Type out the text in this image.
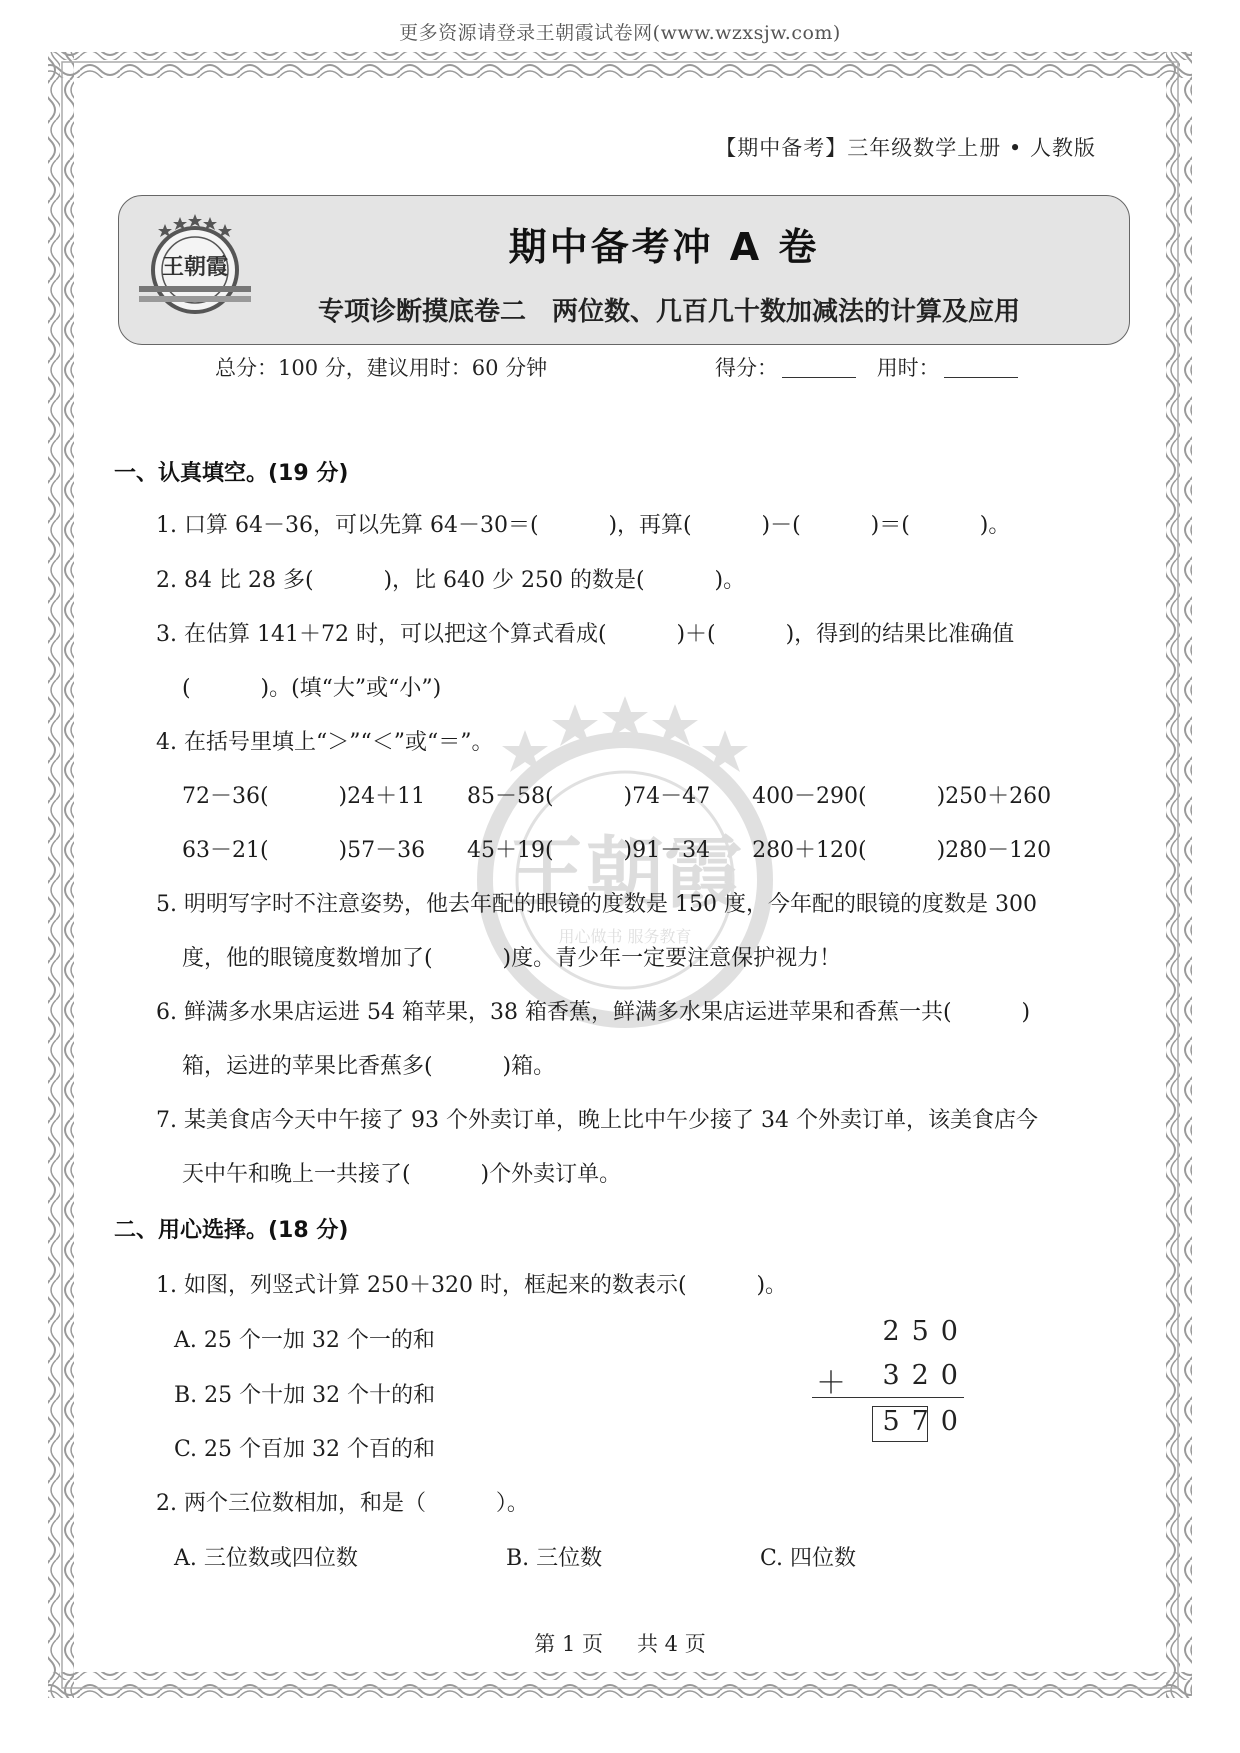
更多资源请登录王朝霞试卷网(www.wzxsjw.com)
【期中备考】三年级数学上册 • 人教版
王朝霞	期中备考冲 A 卷
专项诊断摸底卷二 两位数、几百几十数加减法的计算及应用
总分：100 分，建议用时：60 分钟	得分：	用时：
王朝霞
用心做书 服务教育
一、认真填空。(19 分)
1. 口算 64－36，可以先算 64－30＝(          )，再算(          )－(          )＝(          )。
2. 84 比 28 多(          )，比 640 少 250 的数是(          )。
3. 在估算 141＋72 时，可以把这个算式看成(          )＋(          )，得到的结果比准确值
(          )。(填“大”或“小”)
4. 在括号里填上“＞”“＜”或“＝”。
72－36(          )24＋11      85－58(          )74－47      400－290(          )250＋260
63－21(          )57－36      45＋19(          )91－34      280＋120(          )280－120
5. 明明写字时不注意姿势，他去年配的眼镜的度数是 150 度，今年配的眼镜的度数是 300
度，他的眼镜度数增加了(          )度。青少年一定要注意保护视力！
6. 鲜满多水果店运进 54 箱苹果，38 箱香蕉，鲜满多水果店运进苹果和香蕉一共(          )
箱，运进的苹果比香蕉多(          )箱。
7. 某美食店今天中午接了 93 个外卖订单，晚上比中午少接了 34 个外卖订单，该美食店今
天中午和晚上一共接了(          )个外卖订单。
二、用心选择。(18 分)
1. 如图，列竖式计算 250＋320 时，框起来的数表示(          )。
A. 25 个一加 32 个一的和
B. 25 个十加 32 个十的和
C. 25 个百加 32 个百的和
250
＋ 320
570
2. 两个三位数相加，和是（          ）。
A. 三位数或四位数	B. 三位数	C. 四位数
第 1 页 共 4 页
